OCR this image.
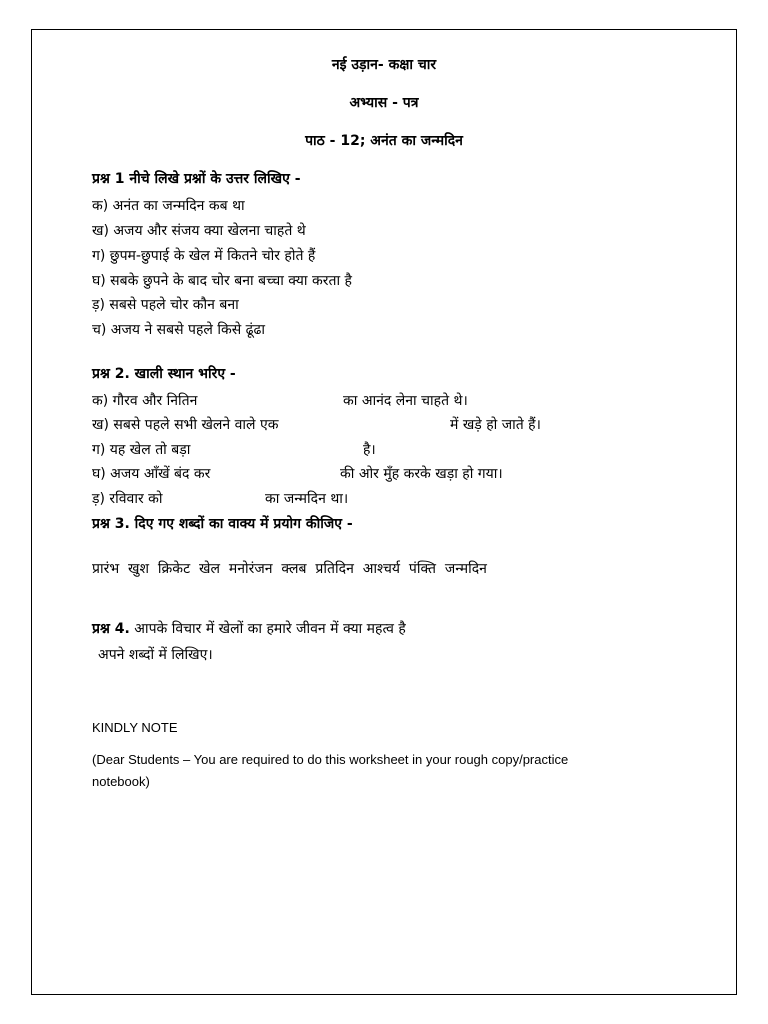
नई उड़ान- कक्षा चार
अभ्यास - पत्र
पाठ - 12; अनंत का जन्मदिन
प्रश्न 1 नीचे लिखे प्रश्नों के उत्तर लिखिए -
क) अनंत का जन्मदिन कब था
ख) अजय और संजय क्या खेलना चाहते थे
ग) छुपम-छुपाई के खेल में कितने चोर होते हैं
घ) सबके छुपने के बाद चोर बना बच्चा क्या करता है
ड़) सबसे पहले चोर कौन बना
च) अजय ने सबसे पहले किसे ढूंढा
प्रश्न 2. खाली स्थान भरिए -
क) गौरव और नितिन	का आनंद लेना चाहते थे।
ख) सबसे पहले सभी खेलने वाले एक	में खड़े हो जाते हैं।
ग) यह खेल तो बड़ा	है।
घ) अजय आँखें बंद कर	की ओर मुँह करके खड़ा हो गया।
ड़) रविवार को	का जन्मदिन था।
प्रश्न 3. दिए गए शब्दों का वाक्य में प्रयोग कीजिए -
प्रारंभ  खुश  क्रिकेट  खेल  मनोरंजन  क्लब  प्रतिदिन  आश्चर्य  पंक्ति  जन्मदिन
प्रश्न 4. आपके विचार में खेलों का हमारे जीवन में क्या महत्व है
अपने शब्दों में लिखिए।
KINDLY NOTE
(Dear Students – You are required to do this worksheet in your rough copy/practice
notebook)
